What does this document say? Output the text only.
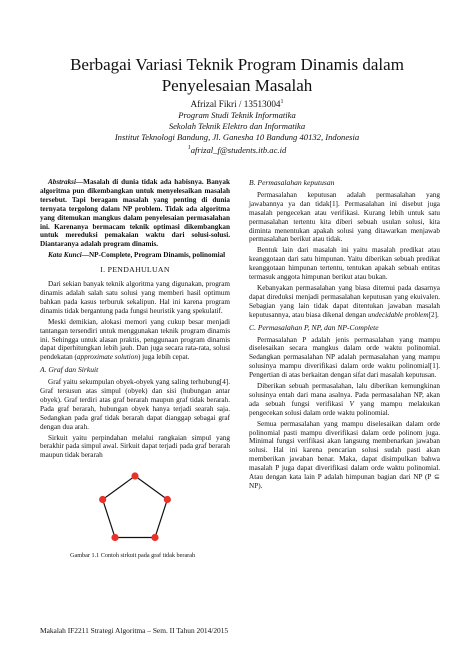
Berbagai Variasi Teknik Program Dinamis dalam
Penyelesaian Masalah
Afrizal Fikri / 13513004$^1$
Program Studi Teknik Informatika
Sekolah Teknik Elektro dan Informatika
Institut Teknologi Bandung, Jl. Ganesha 10 Bandung 40132, Indonesia
$^1$afrizal_f@students.itb.ac.id

Abstraksi—Masalah di dunia tidak ada habisnya. Banyak algoritma pun dikembangkan untuk menyelesaikan masalah tersebut. Tapi beragam masalah yang penting di dunia ternyata tergolong dalam NP problem. Tidak ada algoritma yang ditemukan mangkus dalam penyelesaian permasalahan ini. Karenanya bermacam teknik optimasi dikembangkan untuk mereduksi pemakaian waktu dari solusi-solusi. Diantaranya adalah program dinamis.

Kata Kunci—NP-Complete, Program Dinamis, polinomial

I. PENDAHULUAN

Dari sekian banyak teknik algoritma yang digunakan, program dinamis adalah salah satu solusi yang memberi hasil optimum bahkan pada kasus terburuk sekalipun. Hal ini karena program dinamis tidak bergantung pada fungsi heuristik yang spekulatif.

Meski demikian, alokasi memori yang cukup besar menjadi tantangan tersendiri untuk menggunakan teknik program dinamis ini. Sehingga untuk alasan praktis, penggunaan program dinamis dapat diperhitungkan lebih jauh. Dan juga secara rata-rata, solusi pendekatan (approximate solution) juga lebih cepat.

A. Graf dan Sirkuit

Graf yaitu sekumpulan obyek-obyek yang saling terhubung[4]. Graf tersusun atas simpul (obyek) dan sisi (hubungan antar obyek). Graf terdiri atas graf berarah maupun graf tidak berarah. Pada graf berarah, hubungan obyek hanya terjadi searah saja. Sedangkan pada graf tidak berarah dapat dianggap sebagai graf dengan dua arah.

Sirkuit yaitu perpindahan melalui rangkaian simpul yang berakhir pada simpul awal. Sirkuit dapat terjadi pada graf berarah maupun tidak berarah

Gambar 1.1 Contoh sirkuit pada graf tidak berarah

B. Permasalahan keputusan

Permasalahan keputusan adalah permasalahan yang jawabannya ya dan tidak[1]. Permasalahan ini disebut juga masalah pengecekan atau verifikasi. Kurang lebih untuk satu permasalahan tertentu kita diberi sebuah usulan solusi, kita diminta menentukan apakah solusi yang ditawarkan menjawab permasalahan berikut atau tidak.

Bentuk lain dari masalah ini yaitu masalah predikat atau keanggotaan dari satu himpunan. Yaitu diberikan sebuah predikat keanggotaan himpunan tertentu, tentukan apakah sebuah entitas termasuk anggota himpunan berikut atau bukan.

Kebanyakan permasalahan yang biasa ditemui pada dasarnya dapat direduksi menjadi permasalahan keputusan yang ekuivalen. Sebagian yang lain tidak dapat ditentukan jawaban masalah keputusannya, atau biasa dikenal dengan undecidable problem[2].

C. Permasalahan P, NP, dan NP-Complete

Permasalahan P adalah jenis permasalahan yang mampu diselesaikan secara mangkus dalam orde waktu polinomial. Sedangkan permasalahan NP adalah permasalahan yang mampu solusinya mampu diverifikasi dalam orde waktu polinomial[1]. Pengertian di atas berkaitan dengan sifat dari masalah keputusan.

Diberikan sebuah permasalahan, lalu diberikan kemungkinan solusinya entah dari mana asalnya. Pada permasalahan NP, akan ada sebuah fungsi verifikasi V yang mampu melakukan pengecekan solusi dalam orde waktu polinomial.

Semua permasalahan yang mampu diselesaikan dalam orde polinomial pasti mampu diverifikasi dalam orde polinom juga. Minimal fungsi verifikasi akan langsung membenarkan jawaban solusi. Hal ini karena pencarian solusi sudah pasti akan memberikan jawaban benar. Maka, dapat disimpulkan bahwa masalah P juga dapat diverifikasi dalam orde waktu polinomial. Atau dengan kata lain P adalah himpunan bagian dari NP (P ⊆ NP).

Makalah IF2211 Strategi Algoritma – Sem. II Tahun 2014/2015
